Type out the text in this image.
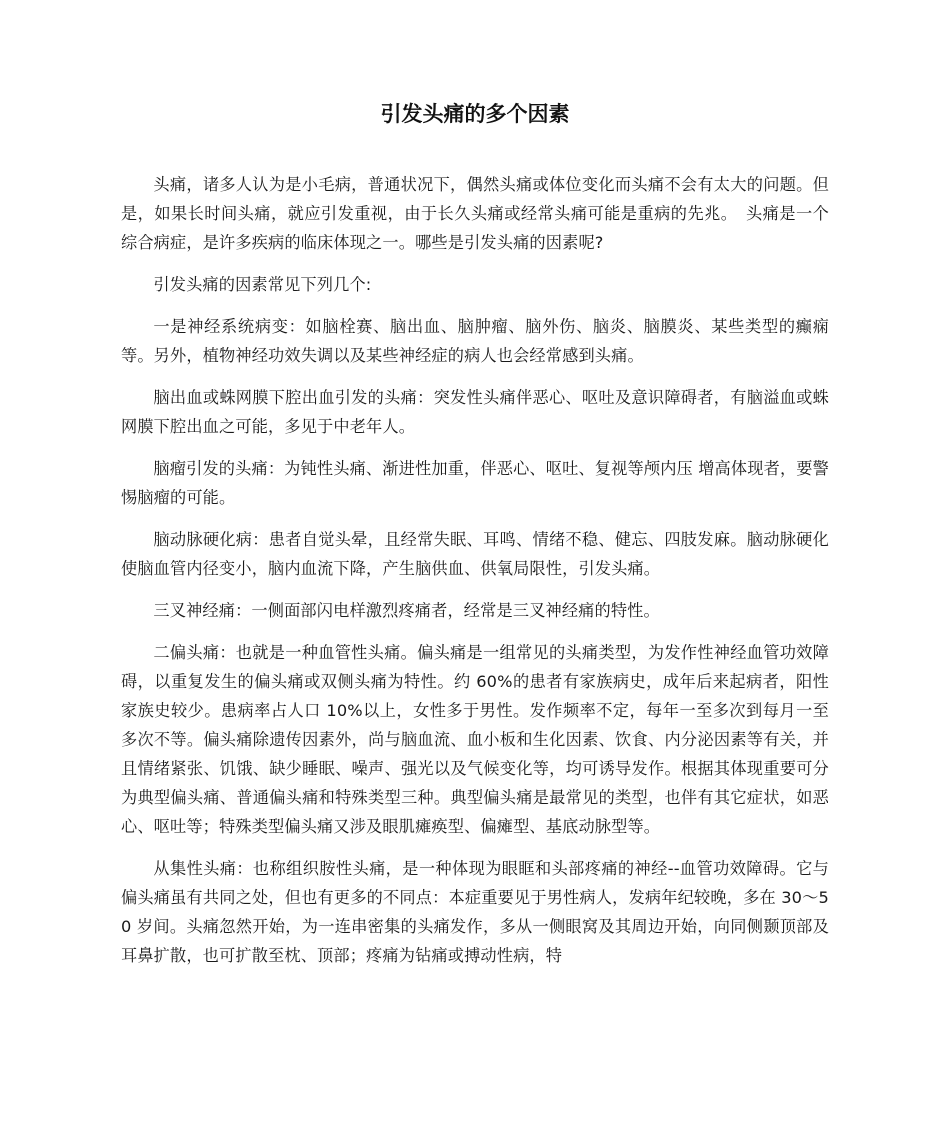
引发头痛的多个因素

头痛，诸多人认为是小毛病，普通状况下，偶然头痛或体位变化而头痛不会有太大的问题。但是，如果长时间头痛，就应引发重视，由于长久头痛或经常头痛可能是重病的先兆。　头痛是一个综合病症，是许多疾病的临床体现之一。哪些是引发头痛的因素呢?

引发头痛的因素常见下列几个:

一是神经系统病变：如脑栓赛、脑出血、脑肿瘤、脑外伤、脑炎、脑膜炎、某些类型的癫痫等。另外，植物神经功效失调以及某些神经症的病人也会经常感到头痛。

脑出血或蛛网膜下腔出血引发的头痛：突发性头痛伴恶心、呕吐及意识障碍者，有脑溢血或蛛网膜下腔出血之可能，多见于中老年人。

脑瘤引发的头痛：为钝性头痛、渐进性加重，伴恶心、呕吐、复视等颅内压 增高体现者，要警惕脑瘤的可能。

脑动脉硬化病：患者自觉头晕，且经常失眠、耳鸣、情绪不稳、健忘、四肢发麻。脑动脉硬化使脑血管内径变小，脑内血流下降，产生脑供血、供氧局限性，引发头痛。

三叉神经痛：一侧面部闪电样激烈疼痛者，经常是三叉神经痛的特性。

二偏头痛：也就是一种血管性头痛。偏头痛是一组常见的头痛类型，为发作性神经血管功效障碍，以重复发生的偏头痛或双侧头痛为特性。约 60%的患者有家族病史，成年后来起病者，阳性家族史较少。患病率占人口 10%以上，女性多于男性。发作频率不定，每年一至多次到每月一至多次不等。偏头痛除遗传因素外，尚与脑血流、血小板和生化因素、饮食、内分泌因素等有关，并且情绪紧张、饥饿、缺少睡眠、噪声、强光以及气候变化等，均可诱导发作。根据其体现重要可分为典型偏头痛、普通偏头痛和特殊类型三种。典型偏头痛是最常见的类型，也伴有其它症状，如恶心、呕吐等；特殊类型偏头痛又涉及眼肌瘫痪型、偏瘫型、基底动脉型等。

从集性头痛：也称组织胺性头痛，是一种体现为眼眶和头部疼痛的神经--血管功效障碍。它与偏头痛虽有共同之处，但也有更多的不同点：本症重要见于男性病人，发病年纪较晚，多在 30～50 岁间。头痛忽然开始，为一连串密集的头痛发作，多从一侧眼窝及其周边开始，向同侧颞顶部及耳鼻扩散，也可扩散至枕、顶部；疼痛为钻痛或搏动性病，特
